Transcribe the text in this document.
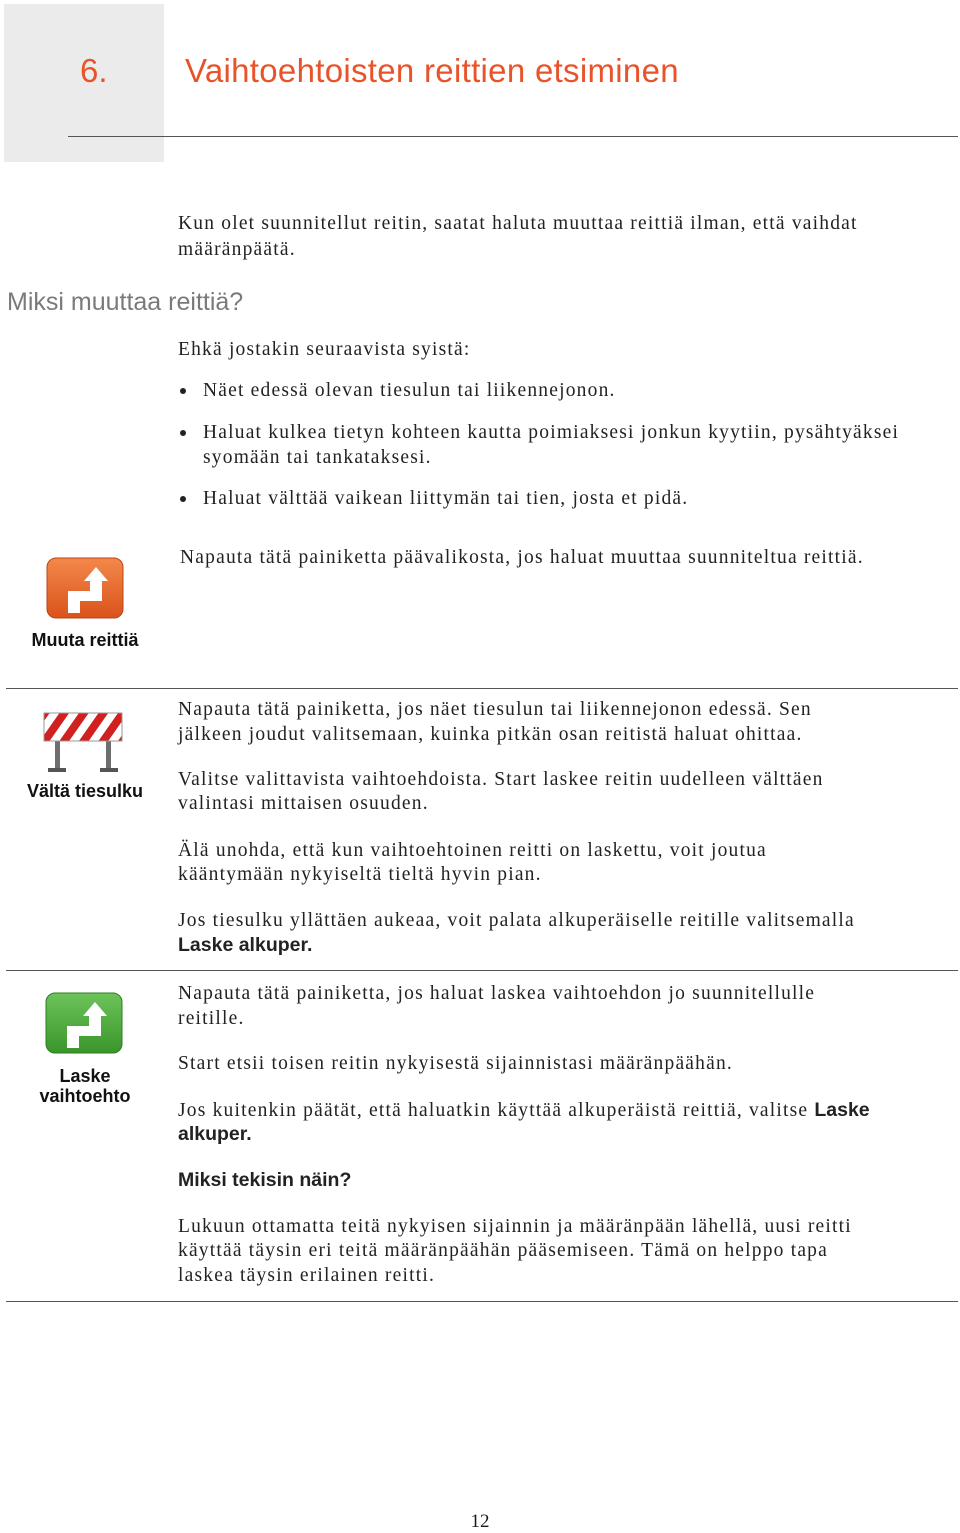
6. Vaihtoehtoisten reittien etsiminen
Kun olet suunnitellut reitin, saatat haluta muuttaa reittiä ilman, että vaihdat
määränpäätä.
Miksi muuttaa reittiä?
Ehkä jostakin seuraavista syistä:
Näet edessä olevan tiesulun tai liikennejonon.
Haluat kulkea tietyn kohteen kautta poimiaksesi jonkun kyytiin, pysähtyäksei
syomään tai tankataksesi.
Haluat välttää vaikean liittymän tai tien, josta et pidä.
Muuta reittiä
Napauta tätä painiketta päävalikosta, jos haluat muuttaa suunniteltua reittiä.
Vältä tiesulku
Napauta tätä painiketta, jos näet tiesulun tai liikennejonon edessä. Sen
jälkeen joudut valitsemaan, kuinka pitkän osan reitistä haluat ohittaa.
Valitse valittavista vaihtoehdoista. Start laskee reitin uudelleen välttäen
valintasi mittaisen osuuden.
Älä unohda, että kun vaihtoehtoinen reitti on laskettu, voit joutua
kääntymään nykyiseltä tieltä hyvin pian.
Jos tiesulku yllättäen aukeaa, voit palata alkuperäiselle reitille valitsemalla
Laske alkuper.
Laske
vaihtoehto
Napauta tätä painiketta, jos haluat laskea vaihtoehdon jo suunnitellulle
reitille.
Start etsii toisen reitin nykyisestä sijainnistasi määränpäähän.
Jos kuitenkin päätät, että haluatkin käyttää alkuperäistä reittiä, valitse Laske
alkuper.
Miksi tekisin näin?
Lukuun ottamatta teitä nykyisen sijainnin ja määränpään lähellä, uusi reitti
käyttää täysin eri teitä määränpäähän pääsemiseen. Tämä on helppo tapa
laskea täysin erilainen reitti.
12
